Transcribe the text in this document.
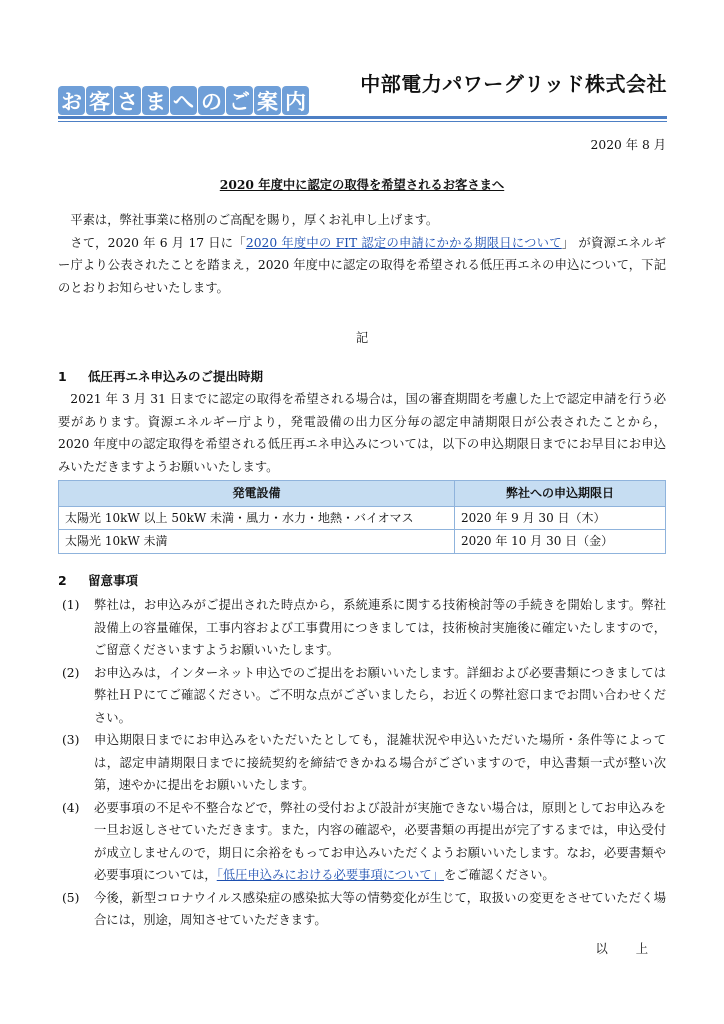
お 客 さ ま へ の ご 案 内
中部電力パワーグリッド株式会社
2020 年 8 月
2020 年度中に認定の取得を希望されるお客さまへ

平素は，弊社事業に格別のご高配を賜り，厚くお礼申し上げます。

さて，2020 年 6 月 17 日に「2020 年度中の FIT 認定の申請にかかる期限日について」 が資源エネルギー庁より公表されたことを踏まえ，2020 年度中に認定の取得を希望される低圧再エネの申込について，下記のとおりお知らせいたします。

記
1 低圧再エネ申込みのご提出時期

2021 年 3 月 31 日までに認定の取得を希望される場合は，国の審査期間を考慮した上で認定申請を行う必要があります。資源エネルギー庁より，発電設備の出力区分毎の認定申請期限日が公表されたことから，2020 年度中の認定取得を希望される低圧再エネ申込みについては，以下の申込期限日までにお早目にお申込みいただきますようお願いいたします。

発電設備	弊社への申込期限日
太陽光 10kW 以上 50kW 未満・風力・水力・地熱・バイオマス	2020 年 9 月 30 日（木）
太陽光 10kW 未満	2020 年 10 月 30 日（金）
2 留意事項
(1)	弊社は，お申込みがご提出された時点から，系統連系に関する技術検討等の手続きを開始します。弊社設備上の容量確保，工事内容および工事費用につきましては，技術検討実施後に確定いたしますので，ご留意くださいますようお願いいたします。
(2)	お申込みは，インターネット申込でのご提出をお願いいたします。詳細および必要書類につきましては弊社ＨＰにてご確認ください。ご不明な点がございましたら，お近くの弊社窓口までお問い合わせください。
(3)	申込期限日までにお申込みをいただいたとしても，混雑状況や申込いただいた場所・条件等によっては，認定申請期限日までに接続契約を締結できかねる場合がございますので，申込書類一式が整い次第，速やかに提出をお願いいたします。
(4)	必要事項の不足や不整合などで，弊社の受付および設計が実施できない場合は，原則としてお申込みを一旦お返しさせていただきます。また，内容の確認や，必要書類の再提出が完了するまでは，申込受付が成立しませんので，期日に余裕をもってお申込みいただくようお願いいたします。なお，必要書類や必要事項については，「低圧申込みにおける必要事項について」をご確認ください。
(5)	今後，新型コロナウイルス感染症の感染拡大等の情勢変化が生じて，取扱いの変更をさせていただく場合には，別途，周知させていただきます。
以 上
